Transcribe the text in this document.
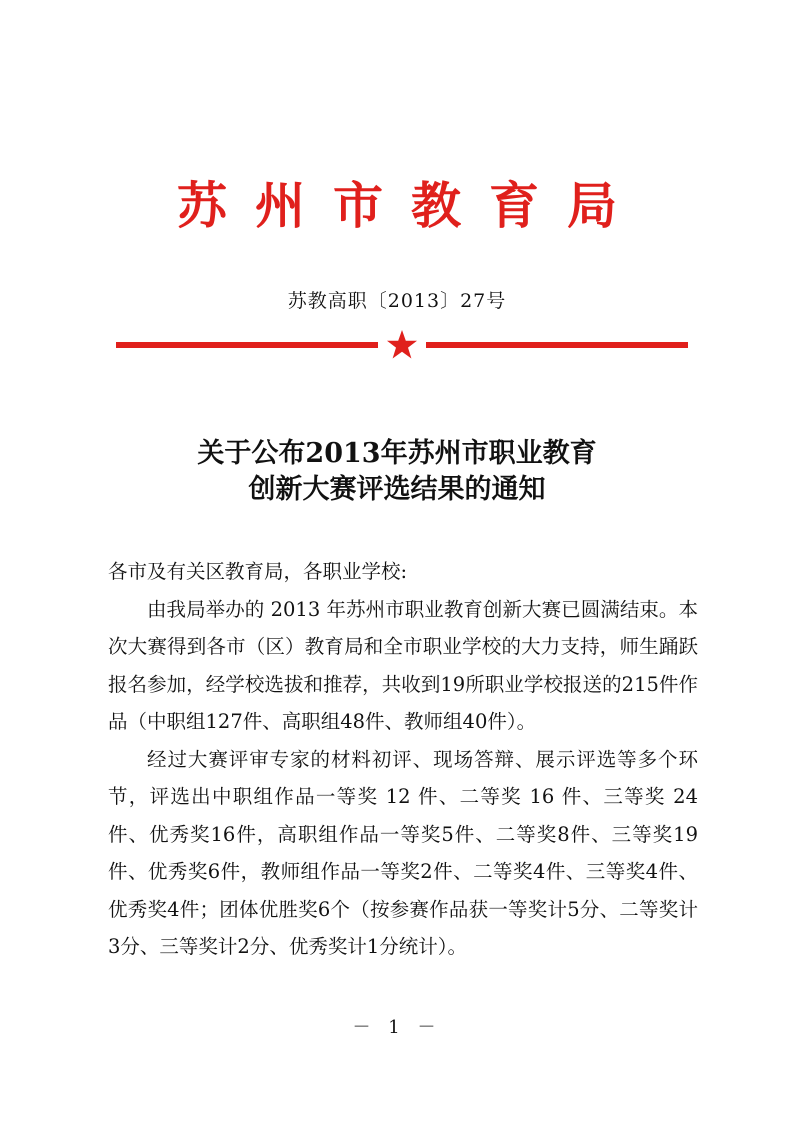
苏州市教育局
苏教高职〔2013〕27号
关于公布2013年苏州市职业教育
创新大赛评选结果的通知

各市及有关区教育局，各职业学校:

由我局举办的 2013 年苏州市职业教育创新大赛已圆满结束。本次大赛得到各市（区）教育局和全市职业学校的大力支持，师生踊跃报名参加，经学校选拔和推荐，共收到19所职业学校报送的215件作品（中职组127件、高职组48件、教师组40件）。

经过大赛评审专家的材料初评、现场答辩、展示评选等多个环节，评选出中职组作品一等奖 12 件、二等奖 16 件、三等奖 24 件、优秀奖16件，高职组作品一等奖5件、二等奖8件、三等奖19件、优秀奖6件，教师组作品一等奖2件、二等奖4件、三等奖4件、优秀奖4件；团体优胜奖6个（按参赛作品获一等奖计5分、二等奖计3分、三等奖计2分、优秀奖计1分统计）。

－ 1 －
